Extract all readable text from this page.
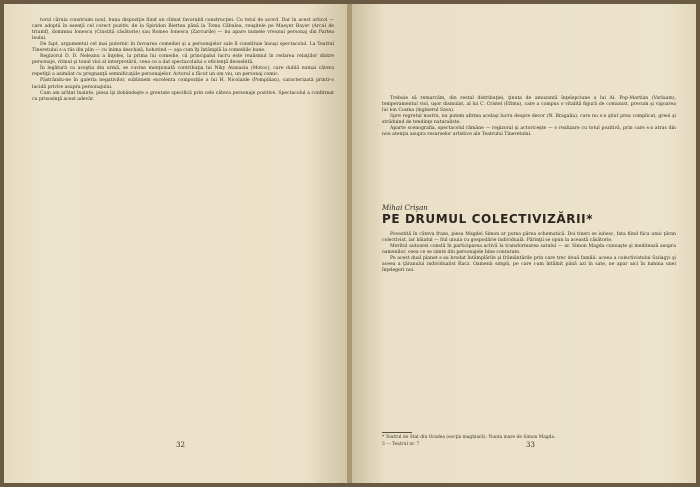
torul căruia construim noul, buna dispoziţie fiind un climat favorabil construcţiei. Cu totul de acord. Dar în acest articol — care adoptă în esenţă cel corect pozitiv, de la Spiridon Biertea până la Toma Căbulea, reuşitele pe Maeyer Bayer (Arcul de triumf), dommnu Ionescu (Cinstită căsătorie) sau Romeo Ionescu (Zarcurile) — nu apare numele vreunui personaj din Partea leului.

De fapt, argumentul cel mai puternic în favoarea comediei şi a personajelor sale îl constituie însuşi spectacolul. La Teatrul Tineretului s-a râs din plin — cu inima deschisă, hohotind — aşa cum îţi întâmplă la comediile bune.

Regizorul D. D. Neleanu a înţeles, la prima lui comedie, că principalul lucru este realismul în redarea relaţiilor dintre personaje, ritmul şi tonul vioi al interpretării, ceea ce a dat spectacolului o eficienţă deosebită.

În legătură cu aceştia din urmă, se cuvine menţionată contribuţia lui Niky Atanasiu (Motoc), care dublă numai câteva repetiţii a asimilat cu pregnanţă semnificaţiile personajelor. Actorul a făcut un om viu, un personaj comic.

Păstrându-ne în galeria negativilor, subliniem excelenta compoziţie a lui H. Nicolaide (Pompilian), caracterizată printr-o lucidă privire asupra personajului.

Cum am arătat înainte, piesa îşi dobândeşte o greutate specifică prin cele câteva personaje pozitive. Spectacolul a confirmat cu prisosinţă acest adevăr.

32

Trebuie să remarcăm, din restul distribuţiei, ţinuta de amuzantă înţelepciune a lui Al. Pop-Martian (Varlaam), temperamentul viol, uşor dismulat, al lui C. Cristel (Efimu), care a compus o vitalită figură de comunist, precum şi vigoarea lui Ion Cosma (inginerul Sava).

Spre regretul nostru, nu putem afirma acelaşi lucru despre decor (N. Bragalia), care nu s-a ştiut prea complicat, greoi şi străduind de tendinţe naturaliste.

Aparte scenografia, spectacolul rămâne — regizoral şi actoriceşte — o realizare cu totul pozitivă, prin care s-a atras din nou atenţia asupra resurselor artistice ale Teatrului Tineretului.

Mihai Crişan
PE DRUMUL COLECTIVIZĂRII*

Povestită în câteva fraze, piesa Magdei Simon ar putea părea schematică. Doi tineri se iubesc, fata fiind fiica unui ţăran colectivist, iar băiatul — fiul unuia cu gospodărie individuală. Părinţii se opun la această căsătorie.

Meritul autoarei constă în participarea activă la transformarea satului — ar. Simon Magda cunoaşte şi meditează asupra oamenilor, ceea ce se simte din personajele bine conturate.

Pe acest dual planet s-au brodat întâmplările şi frământările prin care trec două familii: aceea a colectivistului Szilagyi şi aceea a ţăranului individualist Racz. Oamenii simpli, pe care i-am întâlnit până azi în sate, ne apar aici în lumina unei înţelegeri noi.

* Teatrul de Stat din Oradea (secţia maghiară): Nunta mare de Simon Magda.
3 — Teatrul nr. 7	33
